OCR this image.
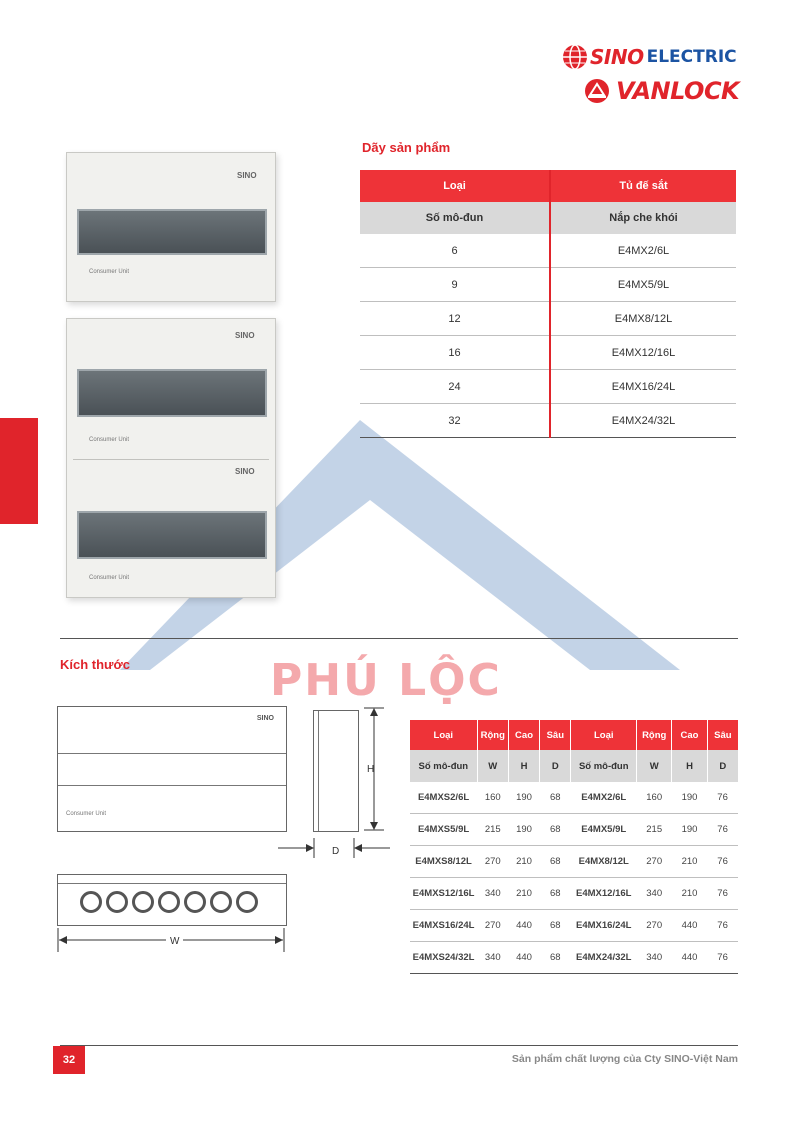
SINO ELECTRIC
VANLOCK
SINO
Consumer Unit
SINO
SINO
Consumer Unit
Consumer Unit
Dãy sản phẩm
Loại	Tủ đế sắt
Số mô-đun	Nắp che khói
6	E4MX2/6L
9	E4MX5/9L
12	E4MX8/12L
16	E4MX12/16L
24	E4MX16/24L
32	E4MX24/32L
PHÚ LỘC
Kích thước
SINO
Consumer Unit
H
D
W
Loại	Rộng	Cao	Sâu	Loại	Rộng	Cao	Sâu
Số mô-đun	W	H	D	Số mô-đun	W	H	D
E4MXS2/6L	160	190	68	E4MX2/6L	160	190	76
E4MXS5/9L	215	190	68	E4MX5/9L	215	190	76
E4MXS8/12L	270	210	68	E4MX8/12L	270	210	76
E4MXS12/16L	340	210	68	E4MX12/16L	340	210	76
E4MXS16/24L	270	440	68	E4MX16/24L	270	440	76
E4MXS24/32L	340	440	68	E4MX24/32L	340	440	76
32	Sản phẩm chất lượng của Cty SINO-Việt Nam
